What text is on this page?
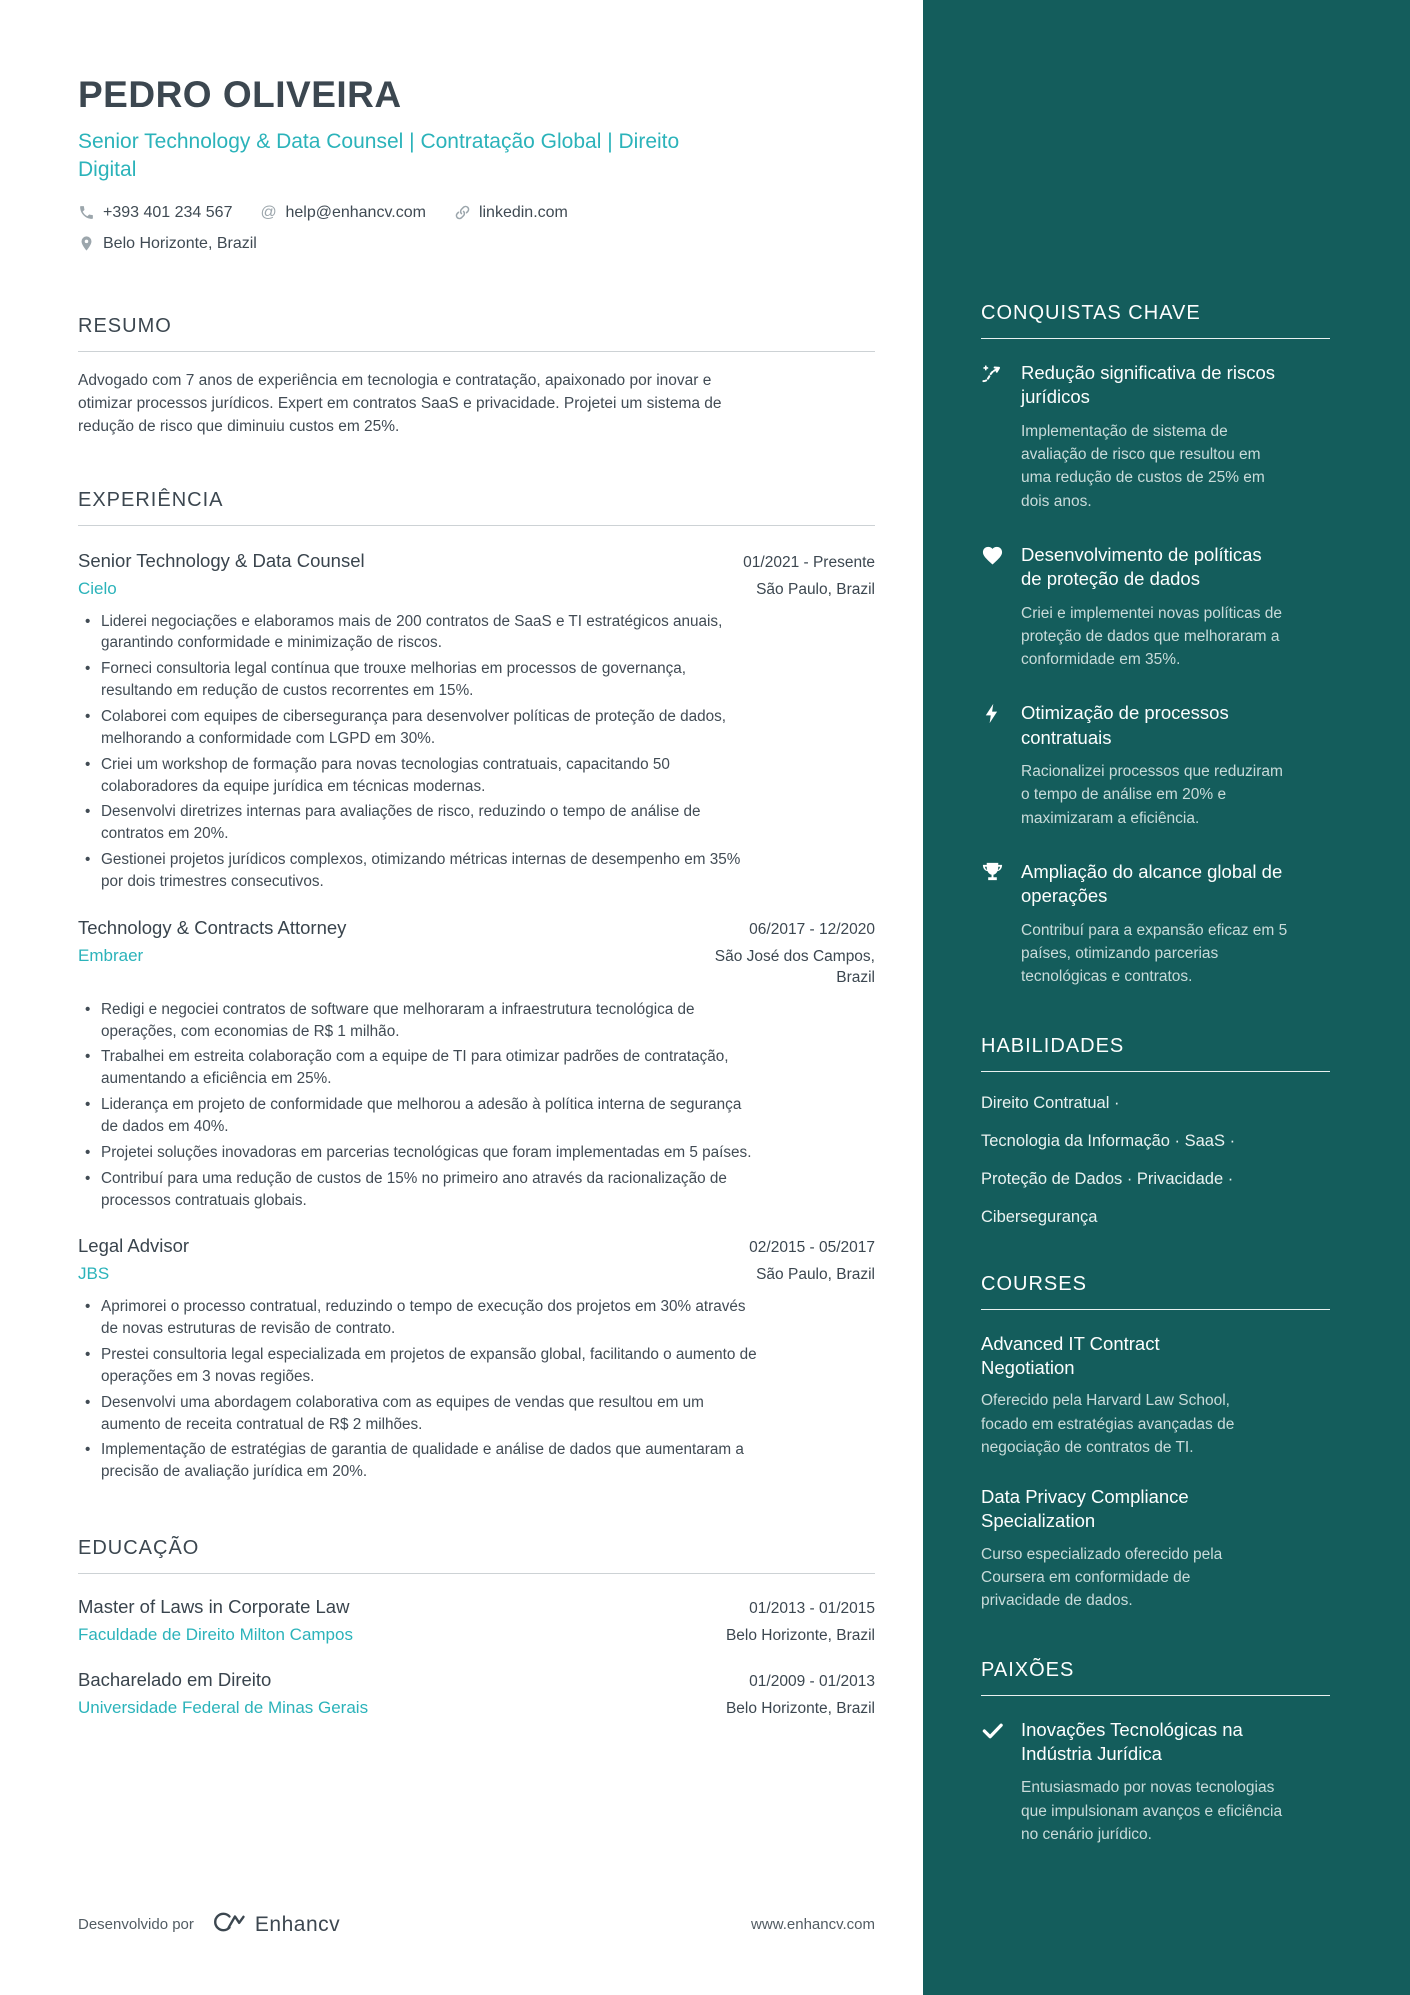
PEDRO OLIVEIRA
Senior Technology & Data Counsel | Contratação Global | Direito Digital
+393 401 234 567 @ help@enhancv.com	linkedin.com
Belo Horizonte, Brazil
RESUMO
Advogado com 7 anos de experiência em tecnologia e contratação, apaixonado por inovar e otimizar processos jurídicos. Expert em contratos SaaS e privacidade. Projetei um sistema de redução de risco que diminuiu custos em 25%.
EXPERIÊNCIA
Senior Technology & Data Counsel	01/2021 - Presente
Cielo	São Paulo, Brazil
• Liderei negociações e elaboramos mais de 200 contratos de SaaS e TI estratégicos anuais, garantindo conformidade e minimização de riscos.
• Forneci consultoria legal contínua que trouxe melhorias em processos de governança, resultando em redução de custos recorrentes em 15%.
• Colaborei com equipes de cibersegurança para desenvolver políticas de proteção de dados, melhorando a conformidade com LGPD em 30%.
• Criei um workshop de formação para novas tecnologias contratuais, capacitando 50 colaboradores da equipe jurídica em técnicas modernas.
• Desenvolvi diretrizes internas para avaliações de risco, reduzindo o tempo de análise de contratos em 20%.
• Gestionei projetos jurídicos complexos, otimizando métricas internas de desempenho em 35% por dois trimestres consecutivos.
Technology & Contracts Attorney	06/2017 - 12/2020
Embraer	São José dos Campos, Brazil
• Redigi e negociei contratos de software que melhoraram a infraestrutura tecnológica de operações, com economias de R$ 1 milhão.
• Trabalhei em estreita colaboração com a equipe de TI para otimizar padrões de contratação, aumentando a eficiência em 25%.
• Liderança em projeto de conformidade que melhorou a adesão à política interna de segurança de dados em 40%.
• Projetei soluções inovadoras em parcerias tecnológicas que foram implementadas em 5 países.
• Contribuí para uma redução de custos de 15% no primeiro ano através da racionalização de processos contratuais globais.
Legal Advisor	02/2015 - 05/2017
JBS	São Paulo, Brazil
• Aprimorei o processo contratual, reduzindo o tempo de execução dos projetos em 30% através de novas estruturas de revisão de contrato.
• Prestei consultoria legal especializada em projetos de expansão global, facilitando o aumento de operações em 3 novas regiões.
• Desenvolvi uma abordagem colaborativa com as equipes de vendas que resultou em um aumento de receita contratual de R$ 2 milhões.
• Implementação de estratégias de garantia de qualidade e análise de dados que aumentaram a precisão de avaliação jurídica em 20%.
EDUCAÇÃO
Master of Laws in Corporate Law	01/2013 - 01/2015
Faculdade de Direito Milton Campos	Belo Horizonte, Brazil
Bacharelado em Direito	01/2009 - 01/2013
Universidade Federal de Minas Gerais	Belo Horizonte, Brazil
Desenvolvido por	Enhancv	www.enhancv.com
CONQUISTAS CHAVE
Redução significativa de riscos jurídicos
Implementação de sistema de avaliação de risco que resultou em uma redução de custos de 25% em dois anos.
Desenvolvimento de políticas de proteção de dados
Criei e implementei novas políticas de proteção de dados que melhoraram a conformidade em 35%.
Otimização de processos contratuais
Racionalizei processos que reduziram o tempo de análise em 20% e maximizaram a eficiência.
Ampliação do alcance global de operações
Contribuí para a expansão eficaz em 5 países, otimizando parcerias tecnológicas e contratos.
HABILIDADES
Direito Contratual ·
Tecnologia da Informação · SaaS ·
Proteção de Dados · Privacidade ·
Cibersegurança
COURSES
Advanced IT Contract Negotiation
Oferecido pela Harvard Law School, focado em estratégias avançadas de negociação de contratos de TI.
Data Privacy Compliance Specialization
Curso especializado oferecido pela Coursera em conformidade de privacidade de dados.
PAIXÕES
Inovações Tecnológicas na Indústria Jurídica
Entusiasmado por novas tecnologias que impulsionam avanços e eficiência no cenário jurídico.
